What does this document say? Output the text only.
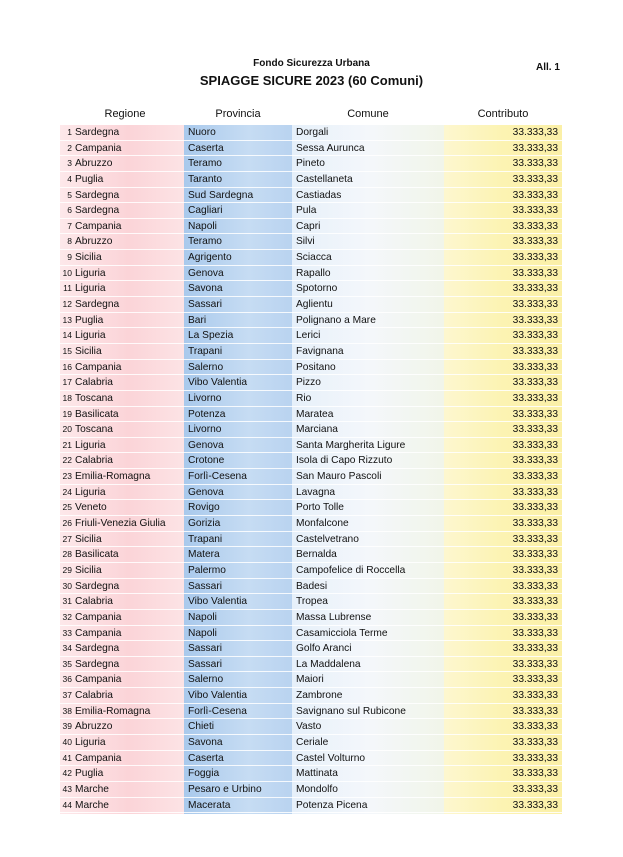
Fondo Sicurezza Urbana
SPIAGGE SICURE 2023 (60 Comuni)
All. 1
Regione	Provincia	Comune	Contributo
1 Sardegna	Nuoro	Dorgali	33.333,33
2 Campania	Caserta	Sessa Aurunca	33.333,33
3 Abruzzo	Teramo	Pineto	33.333,33
4 Puglia	Taranto	Castellaneta	33.333,33
5 Sardegna	Sud Sardegna	Castiadas	33.333,33
6 Sardegna	Cagliari	Pula	33.333,33
7 Campania	Napoli	Capri	33.333,33
8 Abruzzo	Teramo	Silvi	33.333,33
9 Sicilia	Agrigento	Sciacca	33.333,33
10 Liguria	Genova	Rapallo	33.333,33
11 Liguria	Savona	Spotorno	33.333,33
12 Sardegna	Sassari	Aglientu	33.333,33
13 Puglia	Bari	Polignano a Mare	33.333,33
14 Liguria	La Spezia	Lerici	33.333,33
15 Sicilia	Trapani	Favignana	33.333,33
16 Campania	Salerno	Positano	33.333,33
17 Calabria	Vibo Valentia	Pizzo	33.333,33
18 Toscana	Livorno	Rio	33.333,33
19 Basilicata	Potenza	Maratea	33.333,33
20 Toscana	Livorno	Marciana	33.333,33
21 Liguria	Genova	Santa Margherita Ligure	33.333,33
22 Calabria	Crotone	Isola di Capo Rizzuto	33.333,33
23 Emilia-Romagna	Forlì-Cesena	San Mauro Pascoli	33.333,33
24 Liguria	Genova	Lavagna	33.333,33
25 Veneto	Rovigo	Porto Tolle	33.333,33
26 Friuli-Venezia Giulia	Gorizia	Monfalcone	33.333,33
27 Sicilia	Trapani	Castelvetrano	33.333,33
28 Basilicata	Matera	Bernalda	33.333,33
29 Sicilia	Palermo	Campofelice di Roccella	33.333,33
30 Sardegna	Sassari	Badesi	33.333,33
31 Calabria	Vibo Valentia	Tropea	33.333,33
32 Campania	Napoli	Massa Lubrense	33.333,33
33 Campania	Napoli	Casamicciola Terme	33.333,33
34 Sardegna	Sassari	Golfo Aranci	33.333,33
35 Sardegna	Sassari	La Maddalena	33.333,33
36 Campania	Salerno	Maiori	33.333,33
37 Calabria	Vibo Valentia	Zambrone	33.333,33
38 Emilia-Romagna	Forlì-Cesena	Savignano sul Rubicone	33.333,33
39 Abruzzo	Chieti	Vasto	33.333,33
40 Liguria	Savona	Ceriale	33.333,33
41 Campania	Caserta	Castel Volturno	33.333,33
42 Puglia	Foggia	Mattinata	33.333,33
43 Marche	Pesaro e Urbino	Mondolfo	33.333,33
44 Marche	Macerata	Potenza Picena	33.333,33
